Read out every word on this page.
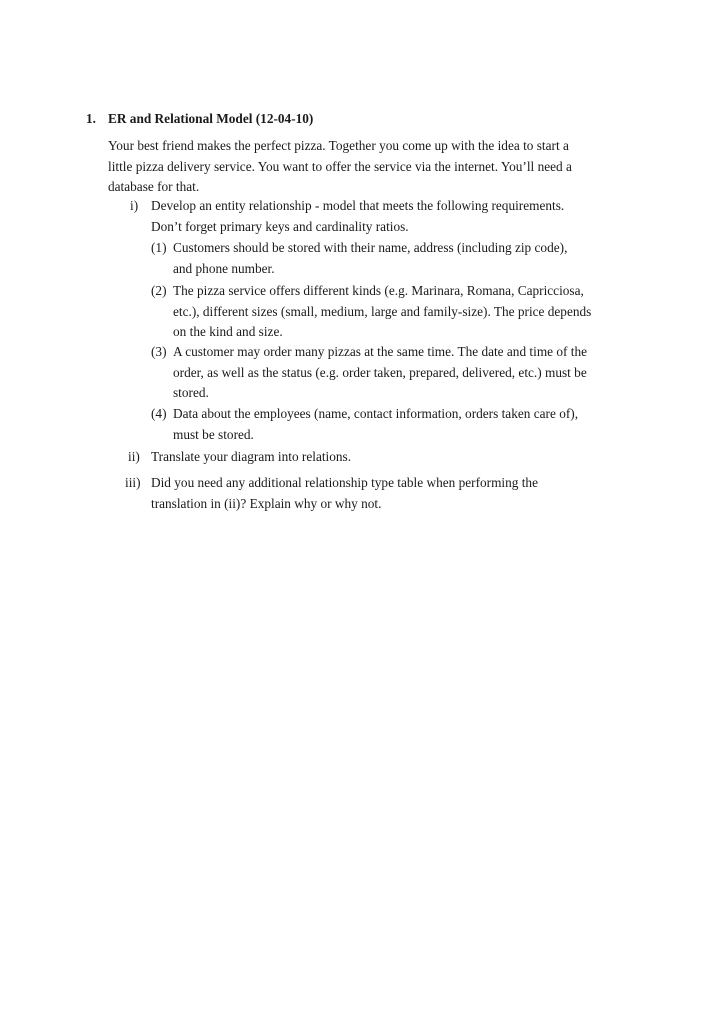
1. ER and Relational Model (12-04-10)
Your best friend makes the perfect pizza. Together you come up with the idea to start a
little pizza delivery service. You want to offer the service via the internet. You’ll need a
database for that.
i) Develop an entity relationship - model that meets the following requirements.
Don’t forget primary keys and cardinality ratios.
(1) Customers should be stored with their name, address (including zip code),
and phone number.
(2) The pizza service offers different kinds (e.g. Marinara, Romana, Capricciosa,
etc.), different sizes (small, medium, large and family-size). The price depends
on the kind and size.
(3) A customer may order many pizzas at the same time. The date and time of the
order, as well as the status (e.g. order taken, prepared, delivered, etc.) must be
stored.
(4) Data about the employees (name, contact information, orders taken care of),
must be stored.
ii) Translate your diagram into relations.
iii) Did you need any additional relationship type table when performing the
translation in (ii)? Explain why or why not.
